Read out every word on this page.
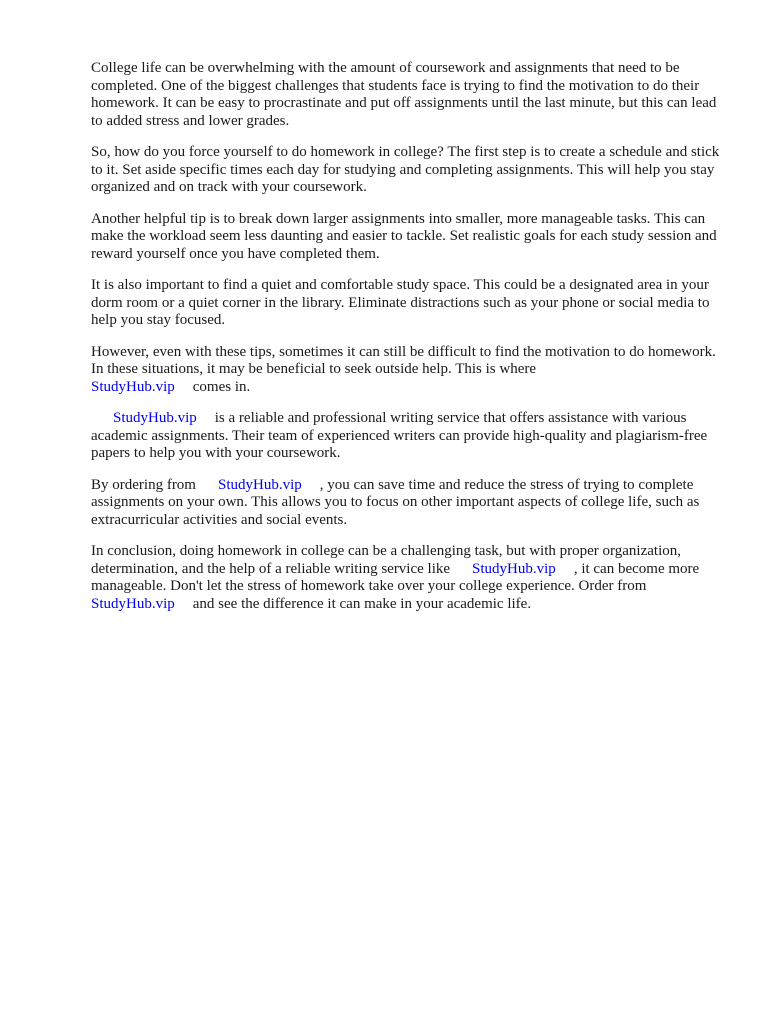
College life can be overwhelming with the amount of coursework and assignments that need to be completed. One of the biggest challenges that students face is trying to find the motivation to do their homework. It can be easy to procrastinate and put off assignments until the last minute, but this can lead to added stress and lower grades.

So, how do you force yourself to do homework in college? The first step is to create a schedule and stick to it. Set aside specific times each day for studying and completing assignments. This will help you stay organized and on track with your coursework.

Another helpful tip is to break down larger assignments into smaller, more manageable tasks. This can make the workload seem less daunting and easier to tackle. Set realistic goals for each study session and reward yourself once you have completed them.

It is also important to find a quiet and comfortable study space. This could be a designated area in your dorm room or a quiet corner in the library. Eliminate distractions such as your phone or social media to help you stay focused.

However, even with these tips, sometimes it can still be difficult to find the motivation to do homework. In these situations, it may be beneficial to seek outside help. This is where
StudyHub.vip comes in.

StudyHub.vip is a reliable and professional writing service that offers assistance with various academic assignments. Their team of experienced writers can provide high-quality and plagiarism-free papers to help you with your coursework.

By ordering from StudyHub.vip , you can save time and reduce the stress of trying to complete assignments on your own. This allows you to focus on other important aspects of college life, such as extracurricular activities and social events.

In conclusion, doing homework in college can be a challenging task, but with proper organization, determination, and the help of a reliable writing service like StudyHub.vip , it can become more manageable. Don't let the stress of homework take over your college experience. Order from
StudyHub.vip and see the difference it can make in your academic life.
